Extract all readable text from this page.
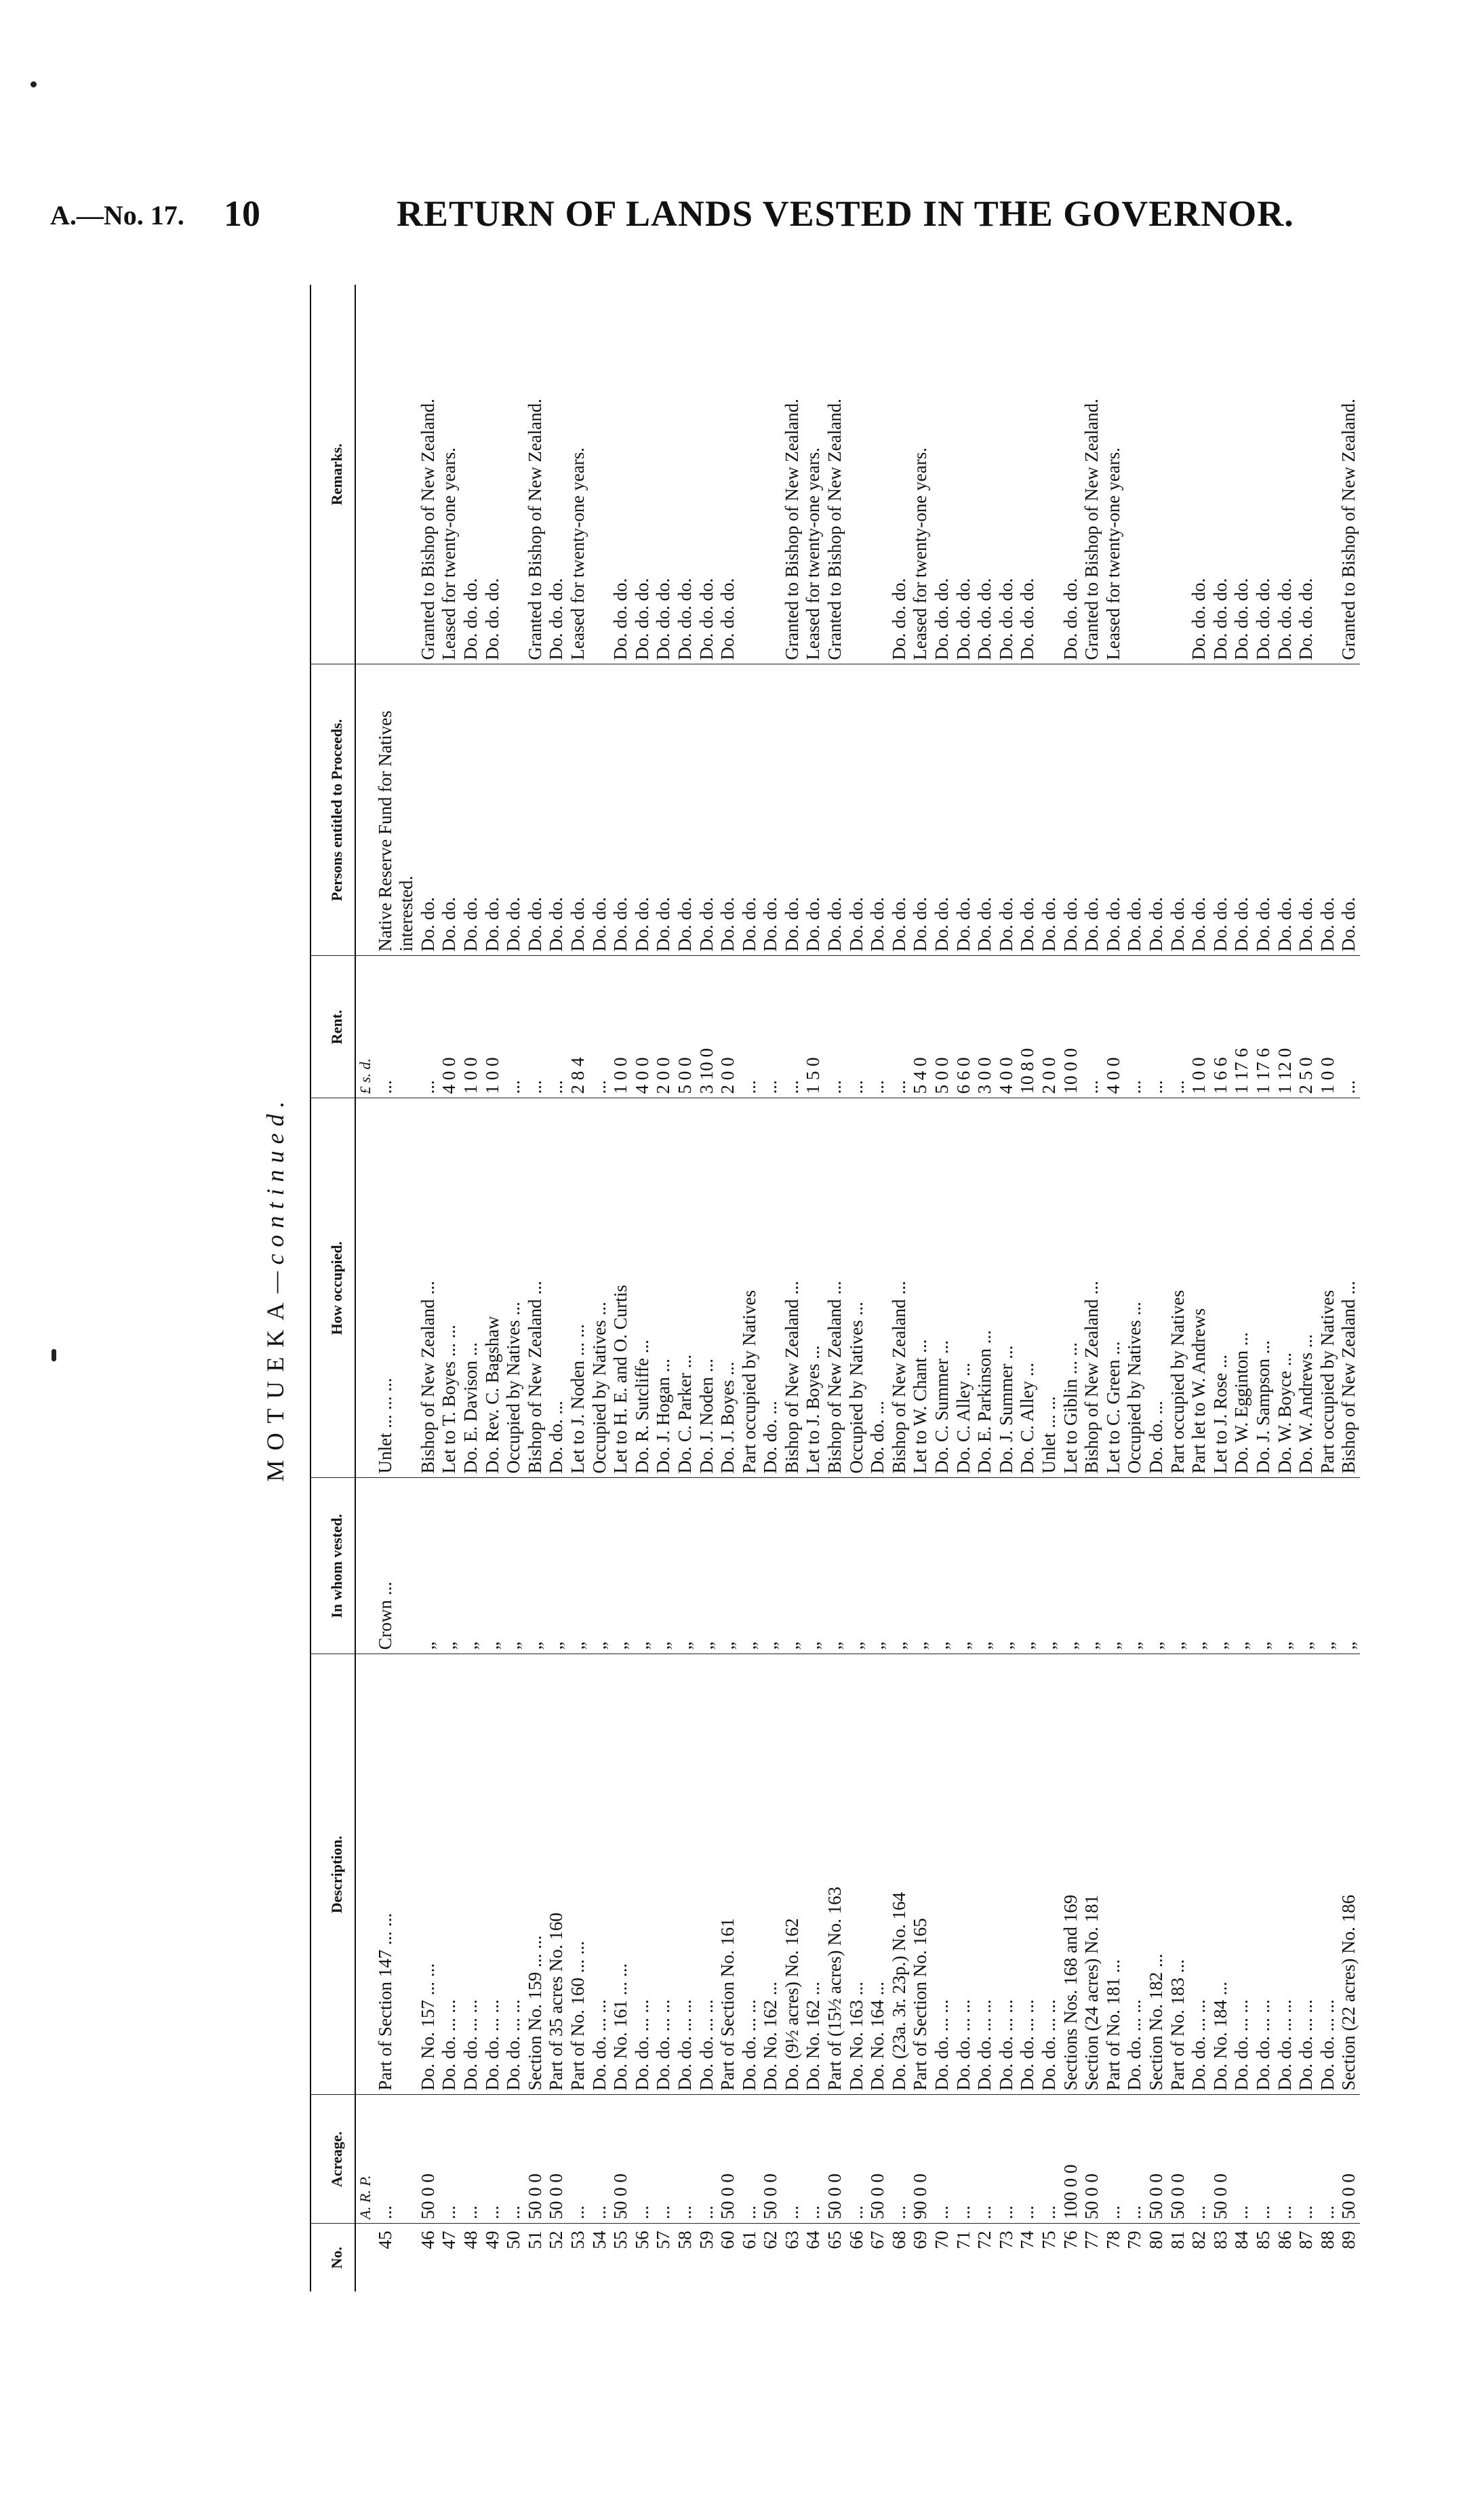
A.—No. 17. 10	RETURN OF LANDS VESTED IN THE GOVERNOR.
MOTUEKA—continued.
No.	Acreage.	Description.	In whom vested.	How occupied.	Rent.	Persons entitled to Proceeds.	Remarks.
	A. R. P.				£ s. d.		
45	...	Part of Section 147 ... ...	Crown ...	Unlet ... ... ...	...	Native Reserve Fund for Natives interested.	
46	50 0 0	Do. No. 157 ... ...	„	Bishop of New Zealand ...	...	Do. do.	Granted to Bishop of New Zealand.
47	...	Do. do. ... ...	„	Let to T. Boyes ... ...	4 0 0	Do. do.	Leased for twenty-one years.
48	...	Do. do. ... ...	„	Do. E. Davison ...	1 0 0	Do. do.	Do. do. do.
49	...	Do. do. ... ...	„	Do. Rev. C. Bagshaw	1 0 0	Do. do.	Do. do. do.
50	...	Do. do. ... ...	„	Occupied by Natives ...	...	Do. do.	
51	50 0 0	Section No. 159 ... ...	„	Bishop of New Zealand ...	...	Do. do.	Granted to Bishop of New Zealand.
52	50 0 0	Part of 35 acres No. 160	„	Do. do. ...	...	Do. do.	Do. do. do.
53	...	Part of No. 160 ... ...	„	Let to J. Noden ... ...	2 8 4	Do. do.	Leased for twenty-one years.
54	...	Do. do. ... ...	„	Occupied by Natives ...	...	Do. do.	
55	50 0 0	Do. No. 161 ... ...	„	Let to H. E. and O. Curtis	1 0 0	Do. do.	Do. do. do.
56	...	Do. do. ... ...	„	Do. R. Sutcliffe ...	4 0 0	Do. do.	Do. do. do.
57	...	Do. do. ... ...	„	Do. J. Hogan ...	2 0 0	Do. do.	Do. do. do.
58	...	Do. do. ... ...	„	Do. C. Parker ...	5 0 0	Do. do.	Do. do. do.
59	...	Do. do. ... ...	„	Do. J. Noden ...	3 10 0	Do. do.	Do. do. do.
60	50 0 0	Part of Section No. 161	„	Do. J. Boyes ...	2 0 0	Do. do.	Do. do. do.
61	...	Do. do. ... ...	„	Part occupied by Natives	...	Do. do.	
62	50 0 0	Do. No. 162 ...	„	Do. do. ...	...	Do. do.	
63	...	Do. (9½ acres) No. 162	„	Bishop of New Zealand ...	...	Do. do.	Granted to Bishop of New Zealand.
64	...	Do. No. 162 ...	„	Let to J. Boyes ...	1 5 0	Do. do.	Leased for twenty-one years.
65	50 0 0	Part of (15½ acres) No. 163	„	Bishop of New Zealand ...	...	Do. do.	Granted to Bishop of New Zealand.
66	...	Do. No. 163 ...	„	Occupied by Natives ...	...	Do. do.	
67	50 0 0	Do. No. 164 ...	„	Do. do. ...	...	Do. do.	
68	...	Do. (23a. 3r. 23p.) No. 164	„	Bishop of New Zealand ...	...	Do. do.	Do. do. do.
69	90 0 0	Part of Section No. 165	„	Let to W. Chant ...	5 4 0	Do. do.	Leased for twenty-one years.
70	...	Do. do. ... ...	„	Do. C. Summer ...	5 0 0	Do. do.	Do. do. do.
71	...	Do. do. ... ...	„	Do. C. Alley ...	6 6 0	Do. do.	Do. do. do.
72	...	Do. do. ... ...	„	Do. E. Parkinson ...	3 0 0	Do. do.	Do. do. do.
73	...	Do. do. ... ...	„	Do. J. Summer ...	4 0 0	Do. do.	Do. do. do.
74	...	Do. do. ... ...	„	Do. C. Alley ...	10 8 0	Do. do.	Do. do. do.
75	...	Do. do. ... ...	„	Unlet ... ...	2 0 0	Do. do.	
76	100 0 0	Sections Nos. 168 and 169	„	Let to Giblin ... ...	10 0 0	Do. do.	Do. do. do.
77	50 0 0	Section (24 acres) No. 181	„	Bishop of New Zealand ...	...	Do. do.	Granted to Bishop of New Zealand.
78	...	Part of No. 181 ...	„	Let to C. Green ...	4 0 0	Do. do.	Leased for twenty-one years.
79	...	Do. do. ... ...	„	Occupied by Natives ...	...	Do. do.	
80	50 0 0	Section No. 182 ...	„	Do. do. ...	...	Do. do.	
81	50 0 0	Part of No. 183 ...	„	Part occupied by Natives	...	Do. do.	
82	...	Do. do. ... ...	„	Part let to W. Andrews	1 0 0	Do. do.	Do. do. do.
83	50 0 0	Do. No. 184 ...	„	Let to J. Rose ...	1 6 6	Do. do.	Do. do. do.
84	...	Do. do. ... ...	„	Do. W. Egginton ...	1 17 6	Do. do.	Do. do. do.
85	...	Do. do. ... ...	„	Do. J. Sampson ...	1 17 6	Do. do.	Do. do. do.
86	...	Do. do. ... ...	„	Do. W. Boyce ...	1 12 0	Do. do.	Do. do. do.
87	...	Do. do. ... ...	„	Do. W. Andrews ...	2 5 0	Do. do.	Do. do. do.
88	...	Do. do. ... ...	„	Part occupied by Natives	1 0 0	Do. do.	
89	50 0 0	Section (22 acres) No. 186	„	Bishop of New Zealand ...	...	Do. do.	Granted to Bishop of New Zealand.
